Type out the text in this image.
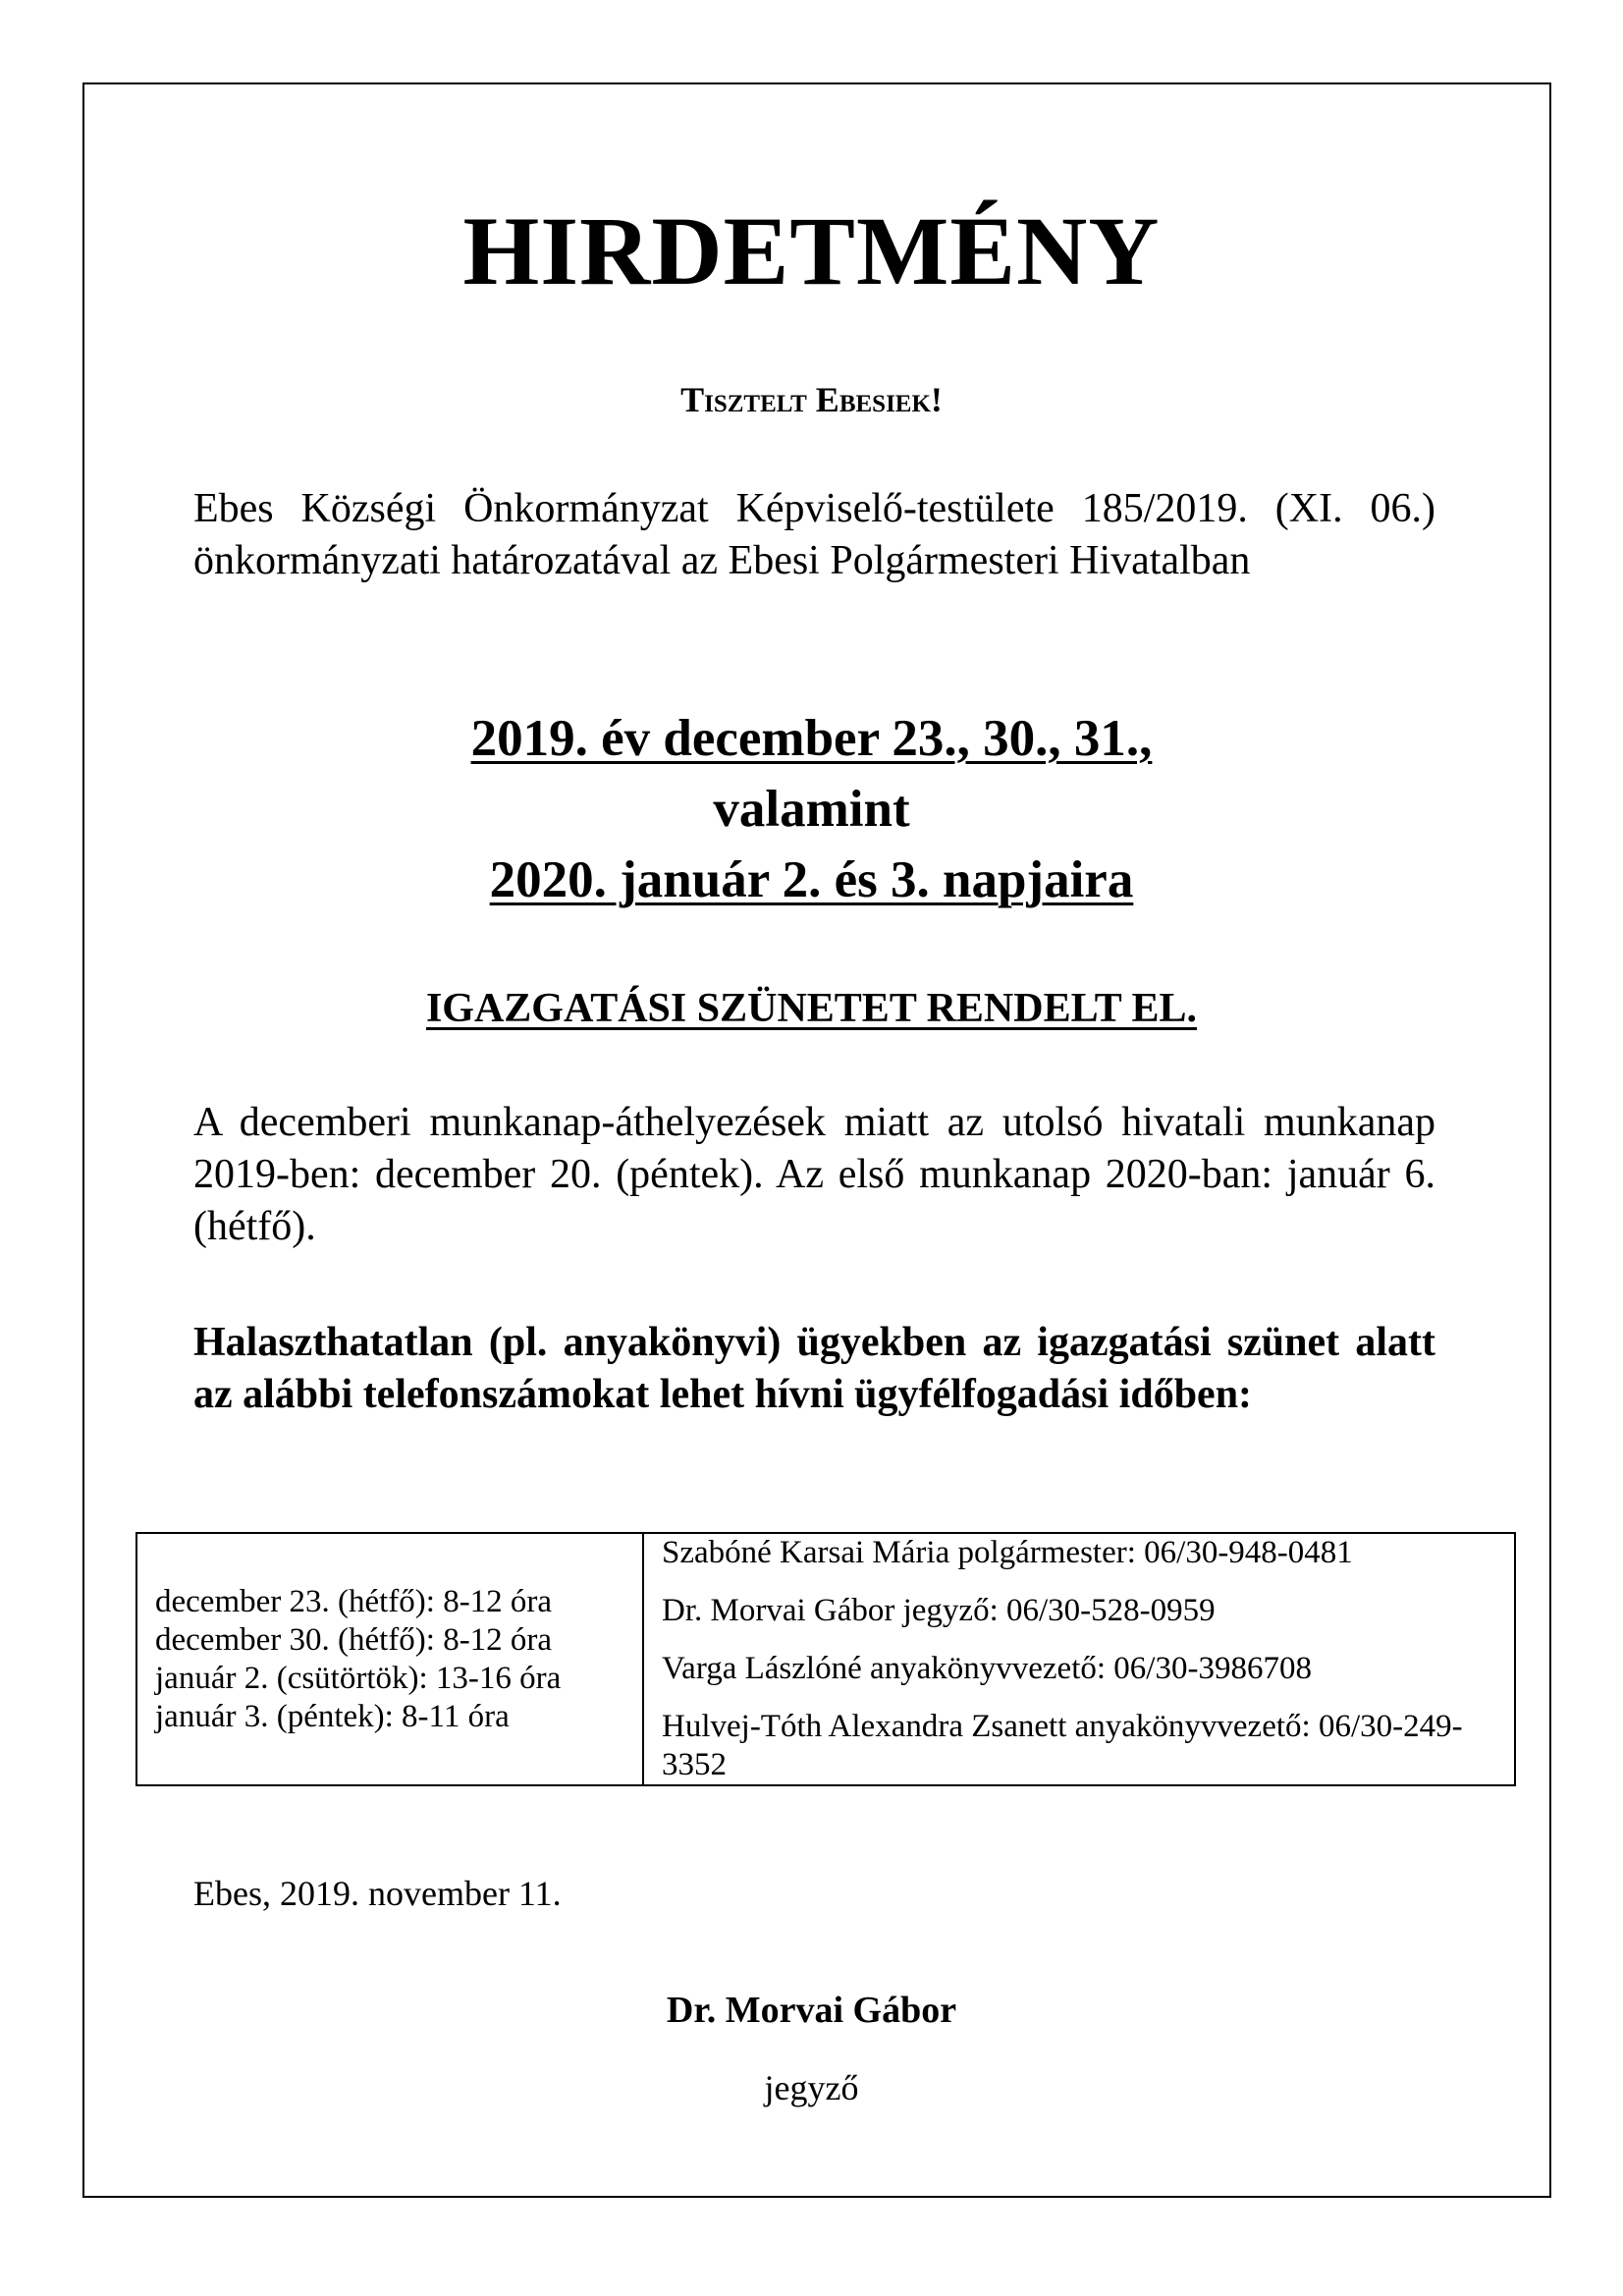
HIRDETMÉNY
Tisztelt Ebesiek!
Ebes Községi Önkormányzat Képviselő-testülete 185/2019. (XI. 06.) önkormányzati határozatával az Ebesi Polgármesteri Hivatalban
2019. év december 23., 30., 31.,
valamint
2020. január 2. és 3. napjaira
IGAZGATÁSI SZÜNETET RENDELT EL.
A decemberi munkanap-áthelyezések miatt az utolsó hivatali munkanap 2019-ben: december 20. (péntek). Az első munkanap 2020-ban: január 6. (hétfő).
Halaszthatatlan (pl. anyakönyvi) ügyekben az igazgatási szünet alatt az alábbi telefonszámokat lehet hívni ügyfélfogadási időben:
december 23. (hétfő): 8-12 óra
december 30. (hétfő): 8-12 óra
január 2. (csütörtök): 13-16 óra
január 3. (péntek): 8-11 óra

Szabóné Karsai Mária polgármester: 06/30-948-0481
Dr. Morvai Gábor jegyző: 06/30-528-0959
Varga Lászlóné anyakönyvvezető: 06/30-3986708
Hulvej-Tóth Alexandra Zsanett anyakönyvvezető: 06/30-249-3352
Ebes, 2019. november 11.
Dr. Morvai Gábor
jegyző
